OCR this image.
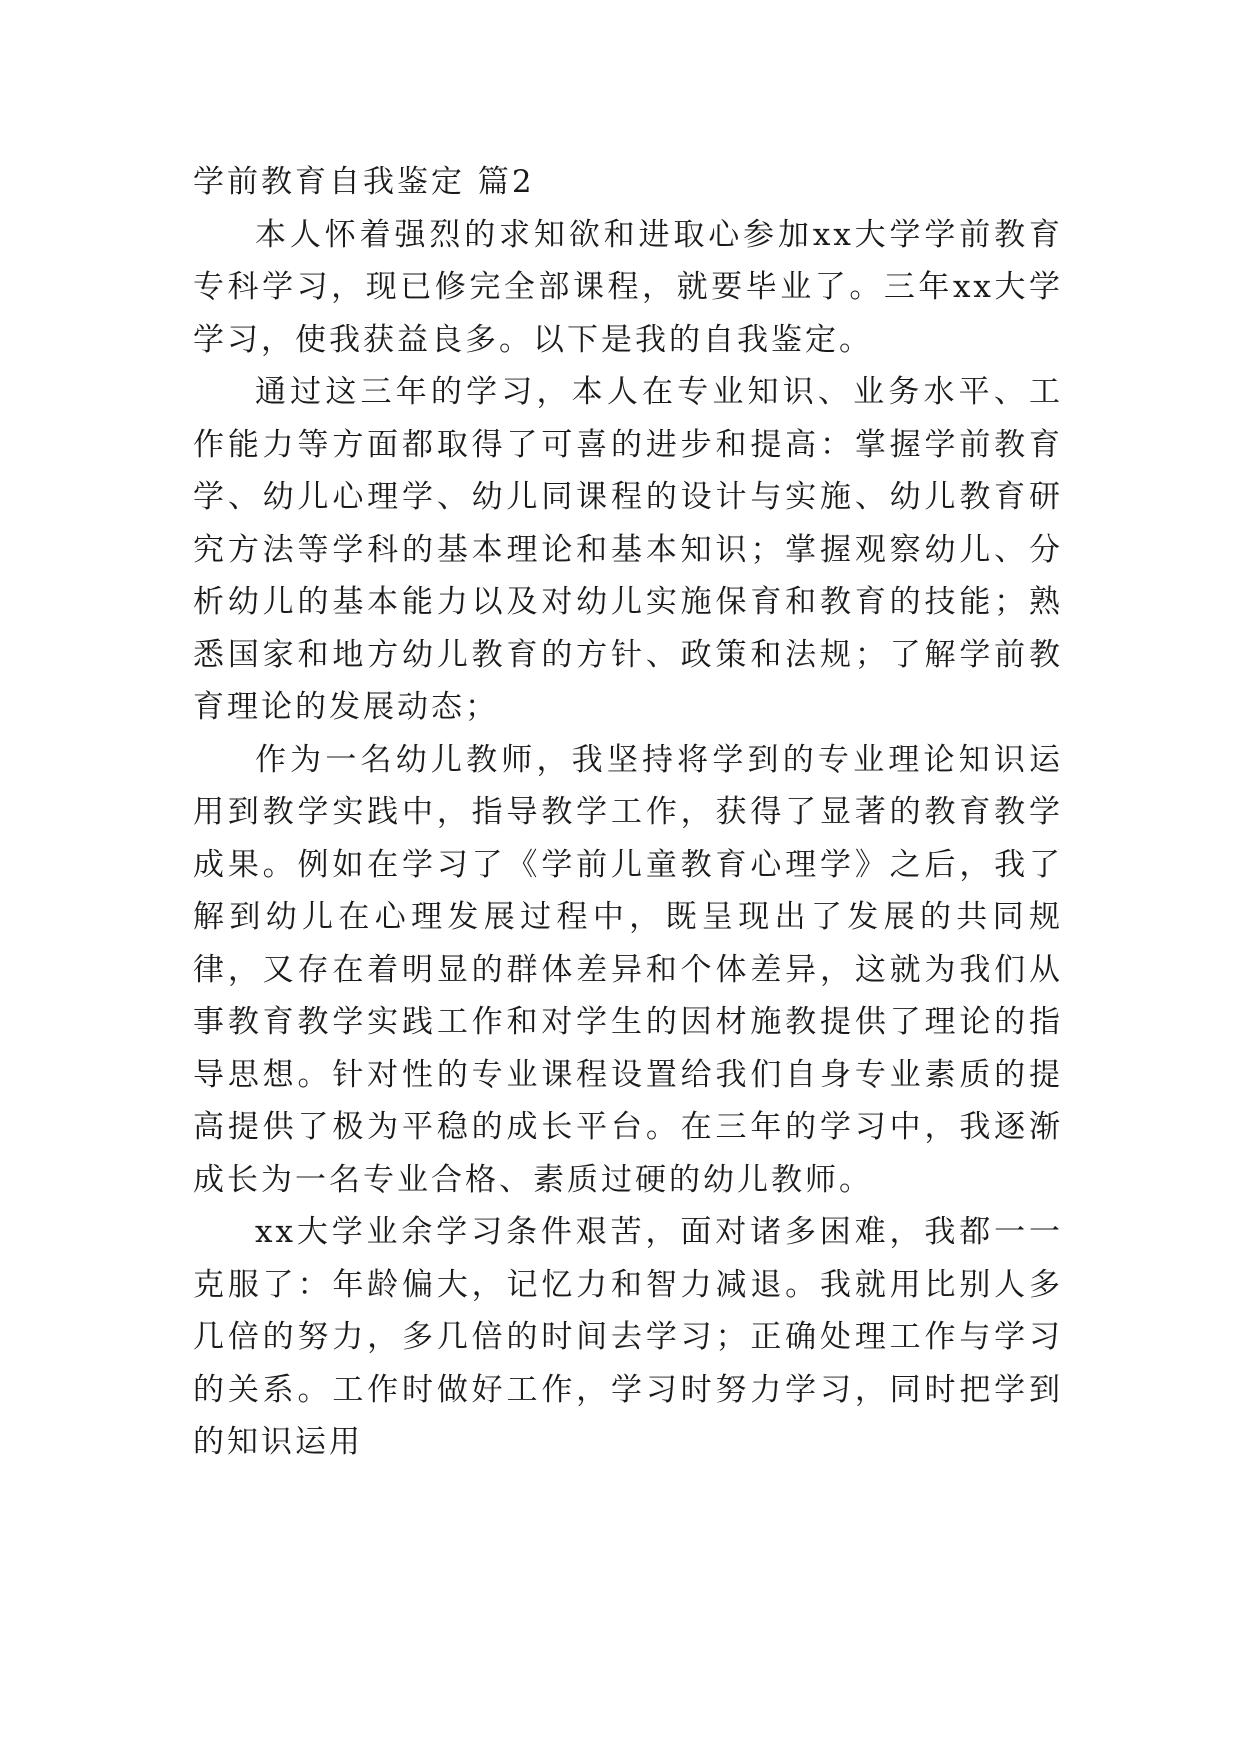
学前教育自我鉴定 篇2

本人怀着强烈的求知欲和进取心参加xx大学学前教育专科学习，现已修完全部课程，就要毕业了。三年xx大学学习，使我获益良多。以下是我的自我鉴定。

通过这三年的学习，本人在专业知识、业务水平、工作能力等方面都取得了可喜的进步和提高：掌握学前教育学、幼儿心理学、幼儿同课程的设计与实施、幼儿教育研究方法等学科的基本理论和基本知识；掌握观察幼儿、分析幼儿的基本能力以及对幼儿实施保育和教育的技能；熟悉国家和地方幼儿教育的方针、政策和法规；了解学前教育理论的发展动态；

作为一名幼儿教师，我坚持将学到的专业理论知识运用到教学实践中，指导教学工作，获得了显著的教育教学成果。例如在学习了《学前儿童教育心理学》之后，我了解到幼儿在心理发展过程中，既呈现出了发展的共同规律，又存在着明显的群体差异和个体差异，这就为我们从事教育教学实践工作和对学生的因材施教提供了理论的指导思想。针对性的专业课程设置给我们自身专业素质的提高提供了极为平稳的成长平台。在三年的学习中，我逐渐成长为一名专业合格、素质过硬的幼儿教师。

xx大学业余学习条件艰苦，面对诸多困难，我都一一克服了：年龄偏大，记忆力和智力减退。我就用比别人多几倍的努力，多几倍的时间去学习；正确处理工作与学习的关系。工作时做好工作，学习时努力学习，同时把学到的知识运用
